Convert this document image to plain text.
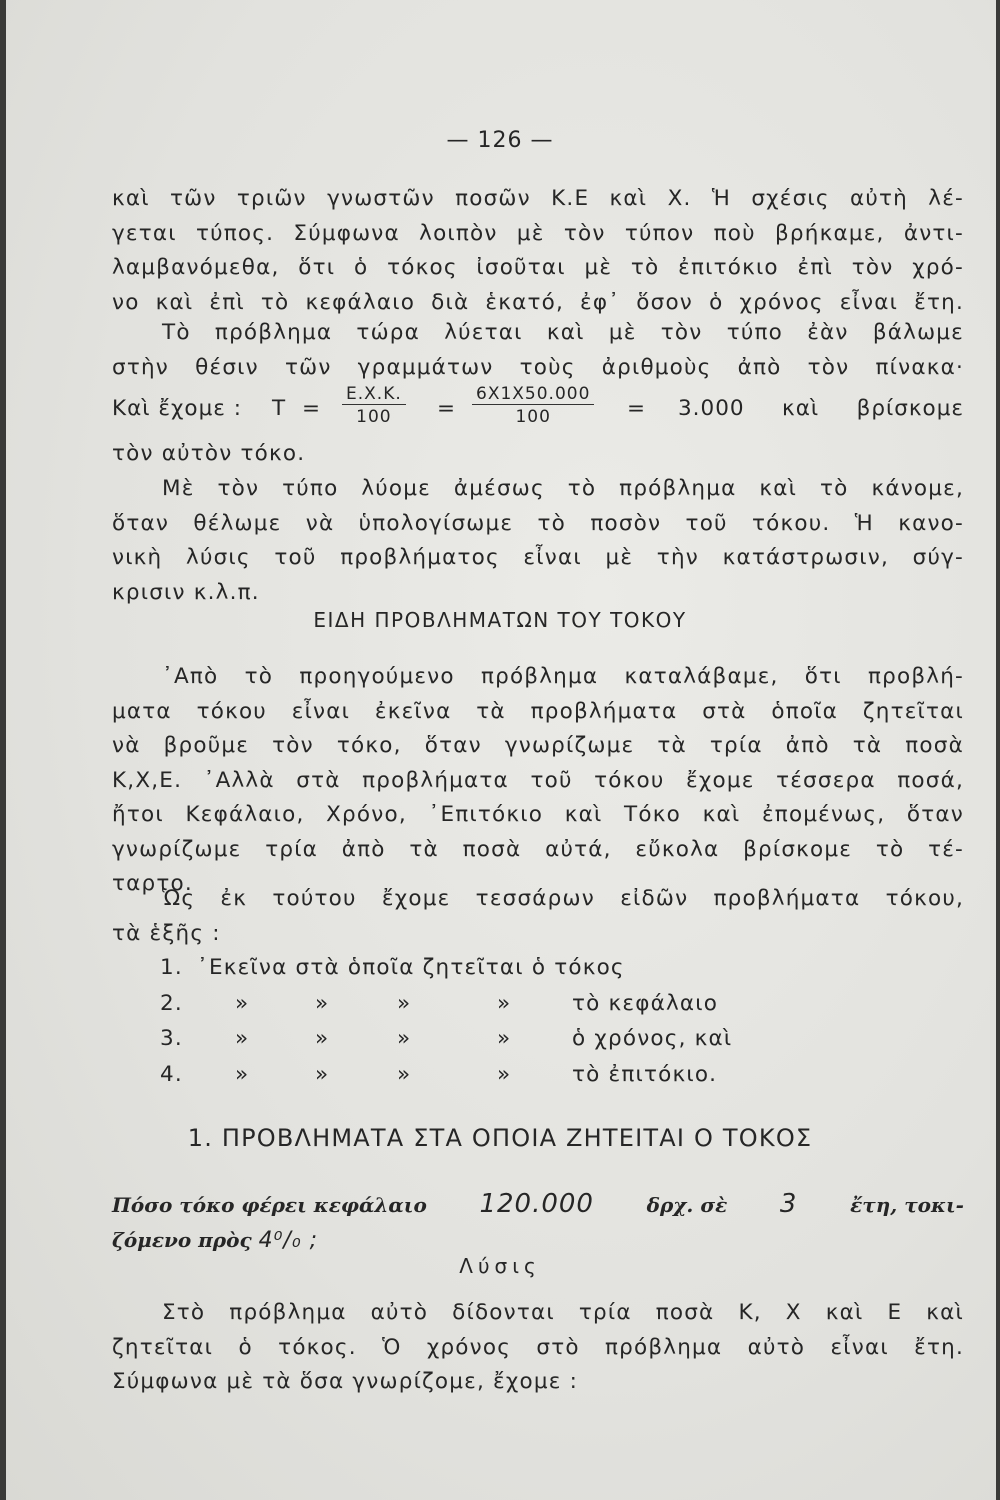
— 126 —
καὶ τῶν τριῶν γνωστῶν ποσῶν Κ.Ε καὶ Χ. Ἡ σχέσις αὐτὴ λέ-
γεται τύπος. Σύμφωνα λοιπὸν μὲ τὸν τύπον ποὺ βρήκαμε, ἀντι-
λαμβανόμεθα, ὅτι ὁ τόκος ἰσοῦται μὲ τὸ ἐπιτόκιο ἐπὶ τὸν χρό-
νο καὶ ἐπὶ τὸ κεφάλαιο διὰ ἑκατό, ἐφ᾽ ὅσον ὁ χρόνος εἶναι ἔτη.
Τὸ πρόβλημα τώρα λύεται καὶ μὲ τὸν τύπο ἐὰν βάλωμε
στὴν θέσιν τῶν γραμμάτων τοὺς ἀριθμοὺς ἀπὸ τὸν πίνακα·
Καὶ ἔχομε : $T = \frac{E.X.K.}{100} = \frac{6X1X50.000}{100} = 3.000$ καὶ βρίσκομε
τὸν αὐτὸν τόκο.
Μὲ τὸν τύπο λύομε ἀμέσως τὸ πρόβλημα καὶ τὸ κάνομε,
ὅταν θέλωμε νὰ ὑπολογίσωμε τὸ ποσὸν τοῦ τόκου. Ἡ κανο-
νικὴ λύσις τοῦ προβλήματος εἶναι μὲ τὴν κατάστρωσιν, σύγ-
κρισιν κ.λ.π.
ΕΙΔΗ ΠΡΟΒΛΗΜΑΤΩΝ ΤΟΥ ΤΟΚΟΥ
᾿Απὸ τὸ προηγούμενο πρόβλημα καταλάβαμε, ὅτι προβλή-
ματα τόκου εἶναι ἐκεῖνα τὰ προβλήματα στὰ ὁποῖα ζητεῖται
νὰ βροῦμε τὸν τόκο, ὅταν γνωρίζωμε τὰ τρία ἀπὸ τὰ ποσὰ
Κ,Χ,Ε. ᾿Αλλὰ στὰ προβλήματα τοῦ τόκου ἔχομε τέσσερα ποσά,
ἤτοι Κεφάλαιο, Χρόνο, ᾿Επιτόκιο καὶ Τόκο καὶ ἐπομένως, ὅταν
γνωρίζωμε τρία ἀπὸ τὰ ποσὰ αὐτά, εὔκολα βρίσκομε τὸ τέ-
ταρτο.
Ὡς ἐκ τούτου ἔχομε τεσσάρων εἰδῶν προβλήματα τόκου,
τὰ ἑξῆς :
1. ᾿Εκεῖνα στὰ ὁποῖα ζητεῖται ὁ τόκος
2. »	»	»	»	τὸ κεφάλαιο
3. »	»	»	»	ὁ χρόνος, καὶ
4. »	»	»	»	τὸ ἐπιτόκιο.
1. ΠΡΟΒΛΗΜΑΤΑ ΣΤΑ ΟΠΟΙΑ ΖΗΤΕΙΤΑΙ Ο ΤΟΚΟΣ
Πόσο τόκο φέρει κεφάλαιο 120.000	δρχ. σὲ 3	ἔτη, τοκι-
ζόμενο πρὸς 4⁰/₀ ;
Λύσις
Στὸ πρόβλημα αὐτὸ δίδονται τρία ποσὰ Κ, Χ καὶ Ε καὶ
ζητεῖται ὁ τόκος. Ὁ χρόνος στὸ πρόβλημα αὐτὸ εἶναι ἔτη.
Σύμφωνα μὲ τὰ ὅσα γνωρίζομε, ἔχομε :
